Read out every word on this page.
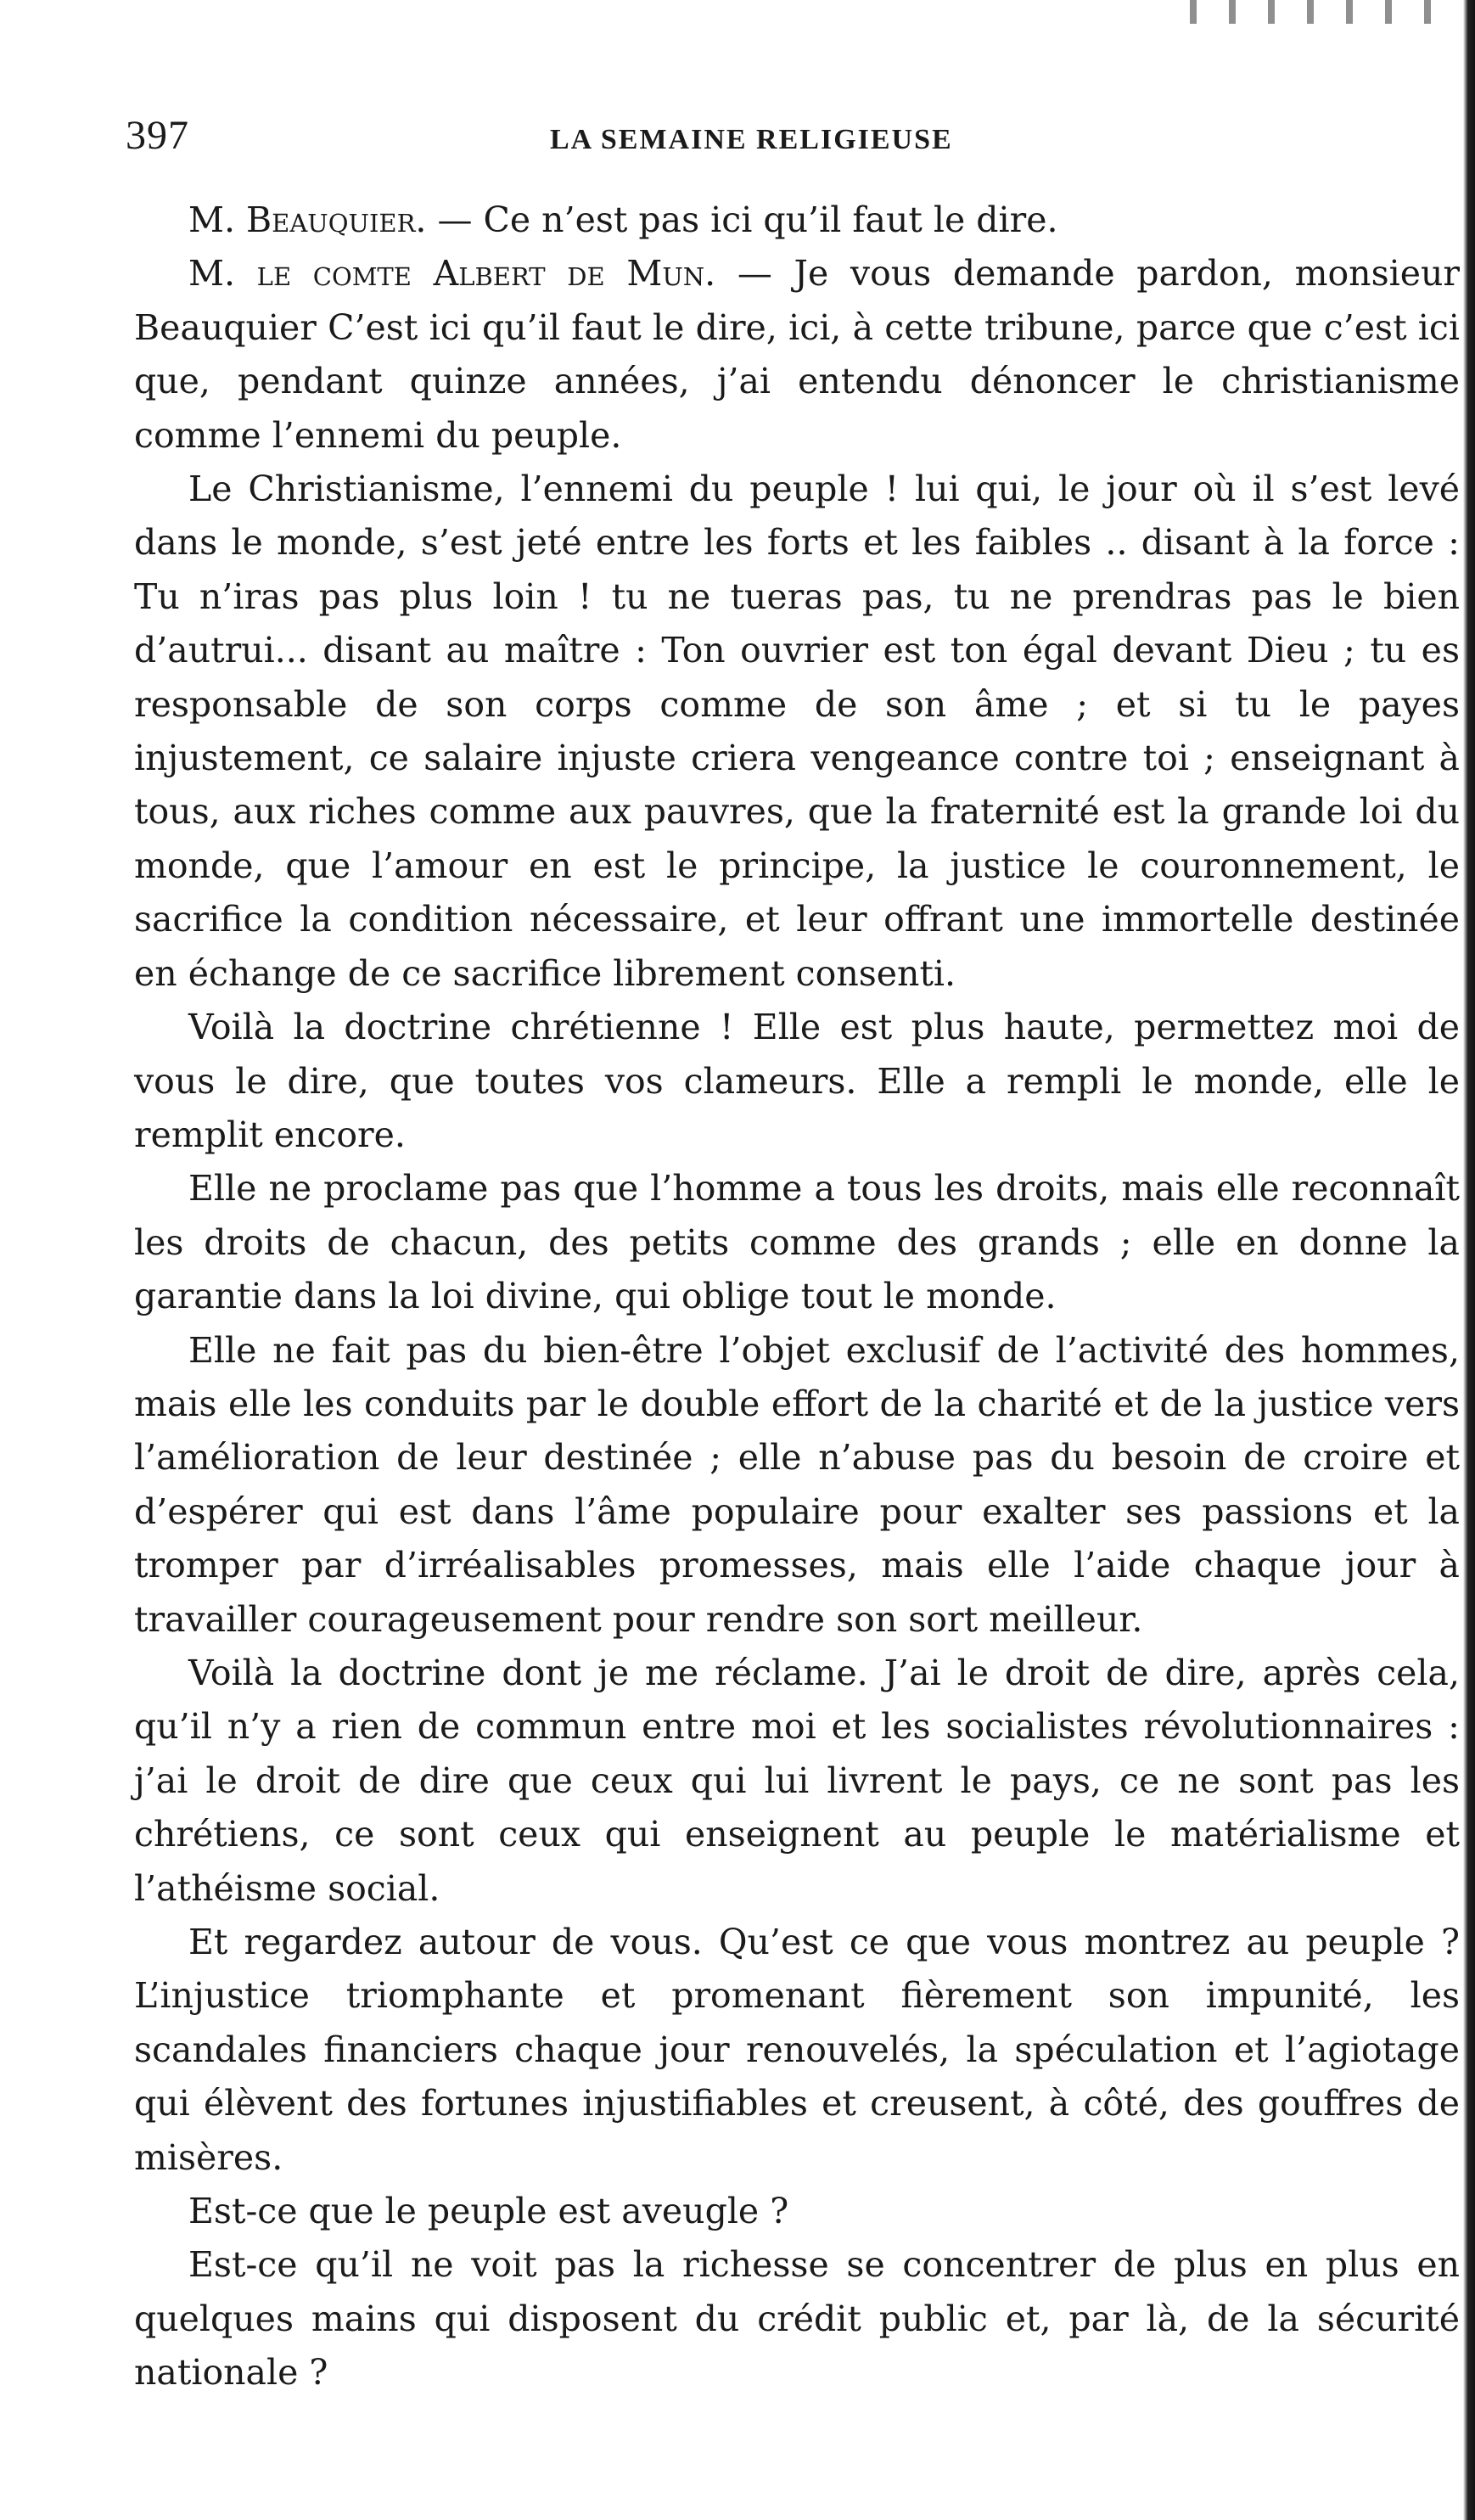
397	LA SEMAINE RELIGIEUSE

M. Beauquier. — Ce n’est pas ici qu’il faut le dire.

M. le comte Albert de Mun. — Je vous demande pardon, monsieur Beauquier C’est ici qu’il faut le dire, ici, à cette tribune, parce que c’est ici que, pendant quinze années, j’ai entendu dénoncer le christianisme comme l’ennemi du peuple.

Le Christianisme, l’ennemi du peuple ! lui qui, le jour où il s’est levé dans le monde, s’est jeté entre les forts et les faibles .. disant à la force : Tu n’iras pas plus loin ! tu ne tueras pas, tu ne prendras pas le bien d’autrui... disant au maître : Ton ouvrier est ton égal devant Dieu ; tu es responsable de son corps comme de son âme ; et si tu le payes injustement, ce salaire injuste criera vengeance contre toi ; enseignant à tous, aux riches comme aux pauvres, que la fraternité est la grande loi du monde, que l’amour en est le principe, la justice le couronnement, le sacrifice la condition nécessaire, et leur offrant une immortelle destinée en échange de ce sacrifice librement consenti.

Voilà la doctrine chrétienne ! Elle est plus haute, permettez moi de vous le dire, que toutes vos clameurs. Elle a rempli le monde, elle le remplit encore.

Elle ne proclame pas que l’homme a tous les droits, mais elle reconnaît les droits de chacun, des petits comme des grands ; elle en donne la garantie dans la loi divine, qui oblige tout le monde.

Elle ne fait pas du bien-être l’objet exclusif de l’activité des hommes, mais elle les conduits par le double effort de la charité et de la justice vers l’amélioration de leur destinée ; elle n’abuse pas du besoin de croire et d’espérer qui est dans l’âme populaire pour exalter ses passions et la tromper par d’irréalisables promesses, mais elle l’aide chaque jour à travailler courageusement pour rendre son sort meilleur.

Voilà la doctrine dont je me réclame. J’ai le droit de dire, après cela, qu’il n’y a rien de commun entre moi et les socialistes révolutionnaires : j’ai le droit de dire que ceux qui lui livrent le pays, ce ne sont pas les chrétiens, ce sont ceux qui enseignent au peuple le matérialisme et l’athéisme social.

Et regardez autour de vous. Qu’est ce que vous montrez au peuple ? L’injustice triomphante et promenant fièrement son impunité, les scandales financiers chaque jour renouvelés, la spéculation et l’agiotage qui élèvent des fortunes injustifiables et creusent, à côté, des gouffres de misères.

Est-ce que le peuple est aveugle ?

Est-ce qu’il ne voit pas la richesse se concentrer de plus en plus en quelques mains qui disposent du crédit public et, par là, de la sécurité nationale ?
